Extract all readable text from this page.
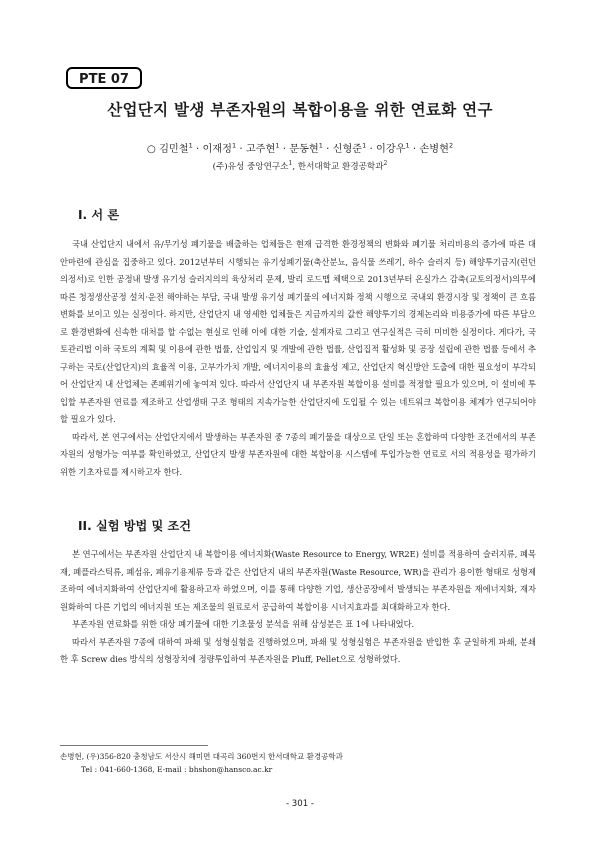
PTE 07
산업단지 발생 부존자원의 복합이용을 위한 연료화 연구
○ 김민철$^1$ · 이재정$^1$ · 고주현$^1$ · 문동현$^1$ · 신형준$^1$ · 이강우$^1$ · 손병현$^2$
(주)유성 중앙연구소$^1$, 한서대학교 환경공학과$^2$
I. 서 론

국내 산업단지 내에서 유/무기성 폐기물을 배출하는 업체들은 현재 급격한 환경정책의 변화와 폐기물 처리비용의 증가에 따른 대안마련에 관심을 집중하고 있다. 2012년부터 시행되는 유기성폐기물(축산분뇨, 음식물 쓰레기, 하수 슬러지 등) 해양투기금지(런던의정서)로 인한 공정내 발생 유기성 슬러지의의 육상처리 문제, 발리 로드맵 체택으로 2013년부터 온실가스 감축(교토의정서)의무에 따른 청정생산공정 설치·운전 해야하는 부담, 국내 발생 유기성 폐기물의 에너지화 정책 시행으로 국내외 환경시장 및 정책이 큰 흐름변화를 보이고 있는 실정이다. 하지만, 산업단지 내 영세한 업체들은 지금까지의 값싼 해양투기의 경제논리와 비용증가에 따른 부담으로 환경변화에 신속한 대처를 할 수없는 현실로 인해 이에 대한 기술, 설계자료 그리고 연구실적은 극히 미비한 실정이다. 게다가, 국토관리법 이하 국토의 계획 및 이용에 관한 법률, 산업입지 및 개발에 관한 법률, 산업집적 활성화 및 공장 설립에 관한 법률 등에서 추구하는 국토(산업단지)의 효율적 이용, 고부가가치 개발, 에너지이용의 효율성 제고, 산업단지 혁신방안 도출에 대한 필요성이 부각되어 산업단지 내 산업체는 존폐위기에 놓여져 있다. 따라서 산업단지 내 부존자원 복합이용 설비를 적정할 필요가 있으며, 이 설비에 투입할 부존자원 연료를 제조하고 산업생태 구조 형태의 지속가능한 산업단지에 도입될 수 있는 네트워크 복합이용 체계가 연구되어야 할 필요가 있다.

따라서, 본 연구에서는 산업단지에서 발생하는 부존자원 중 7종의 폐기물을 대상으로 단일 또는 혼합하여 다양한 조건에서의 부존자원의 성형가능 여부를 확인하였고, 산업단지 발생 부존자원에 대한 복합이용 시스템에 투입가능한 연료로 서의 적용성을 평가하기 위한 기초자료를 제시하고자 한다.

II. 실험 방법 및 조건

본 연구에서는 부존자원 산업단지 내 복합이용 에너지화(Waste Resource to Energy, WR2E) 설비를 적용하여 슬러지류, 폐목재, 폐플라스틱류, 폐섬유, 폐유기용제류 등과 같은 산업단지 내의 부존자원(Waste Resource, WR)을 관리가 용이한 형태로 성형제조하여 에너지화하여 산업단지에 활용하고자 하였으며, 이를 통해 다양한 기업, 생산공장에서 발생되는 부존자원을 재에너지화, 재자원화하여 다른 기업의 에너지원 또는 제조물의 원료로서 공급하여 복합이용 시너지효과를 최대화하고자 한다.

부존자원 연료화를 위한 대상 폐기물에 대한 기초물성 분석을 위해 삼성분은 표 1에 나타내었다.

따라서 부존자원 7종에 대하여 파쇄 및 성형실험을 진행하였으며, 파쇄 및 성형실험은 부존자원을 반입한 후 균일하게 파쇄, 분쇄한 후 Screw dies 방식의 성형장치에 정량투입하여 부존자원을 Pluff, Pellet으로 성형하였다.

손병현, (우)356-820 충청남도 서산시 해미면 대곡리 360번지 한서대학교 환경공학과
Tel : 041-660-1368, E-mail : bhshon@hansco.ac.kr
- 301 -
